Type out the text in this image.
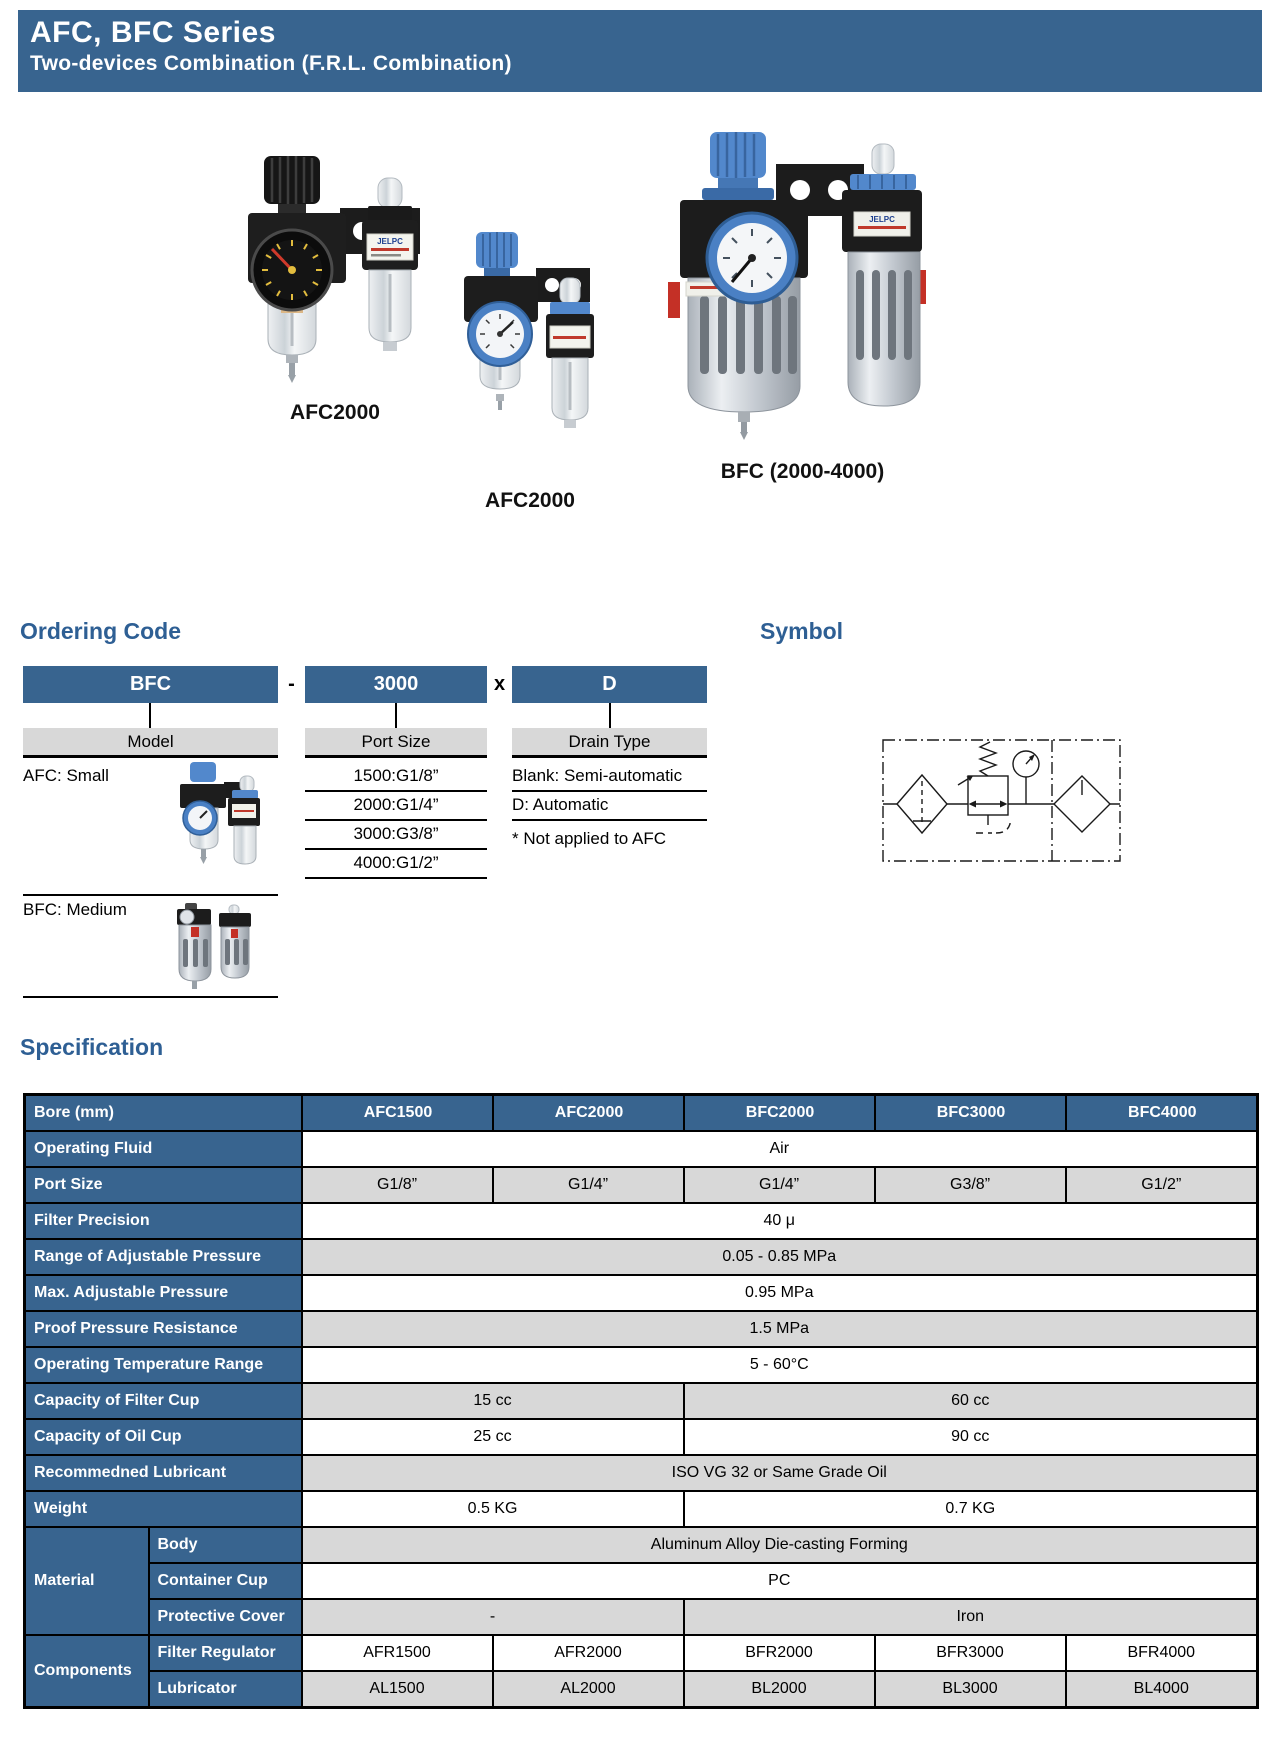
AFC, BFC Series
Two-devices Combination (F.R.L. Combination)
JELPC
AFC2000
AFC2000
JELPC
BFC (2000-4000)
Ordering Code
BFC	-	3000	x	D
Model	Port Size	Drain Type
AFC: Small
BFC: Medium
1500:G1/8”
2000:G1/4”
3000:G3/8”
4000:G1/2”
Blank: Semi-automatic
D: Automatic
* Not applied to AFC
Symbol
Specification
Bore (mm)		AFC1500	AFC2000	BFC2000	BFC3000	BFC4000
Operating Fluid		Air				
Port Size		G1/8”	G1/4”	G1/4”	G3/8”	G1/2”
Filter Precision		40 μ				
Range of Adjustable Pressure		0.05 - 0.85 MPa				
Max. Adjustable Pressure		0.95 MPa				
Proof Pressure Resistance		1.5 MPa				
Operating Temperature Range		5 - 60°C				
Capacity of Filter Cup		15 cc		60 cc		
Capacity of Oil Cup		25 cc		90 cc		
Recommedned Lubricant		ISO VG 32 or Same Grade Oil				
Weight		0.5 KG		0.7 KG		
Material	Body	Aluminum Alloy Die-casting Forming				
	Container Cup	PC				
	Protective Cover	-		Iron		
Components	Filter Regulator	AFR1500	AFR2000	BFR2000	BFR3000	BFR4000
	Lubricator	AL1500	AL2000	BL2000	BL3000	BL4000
